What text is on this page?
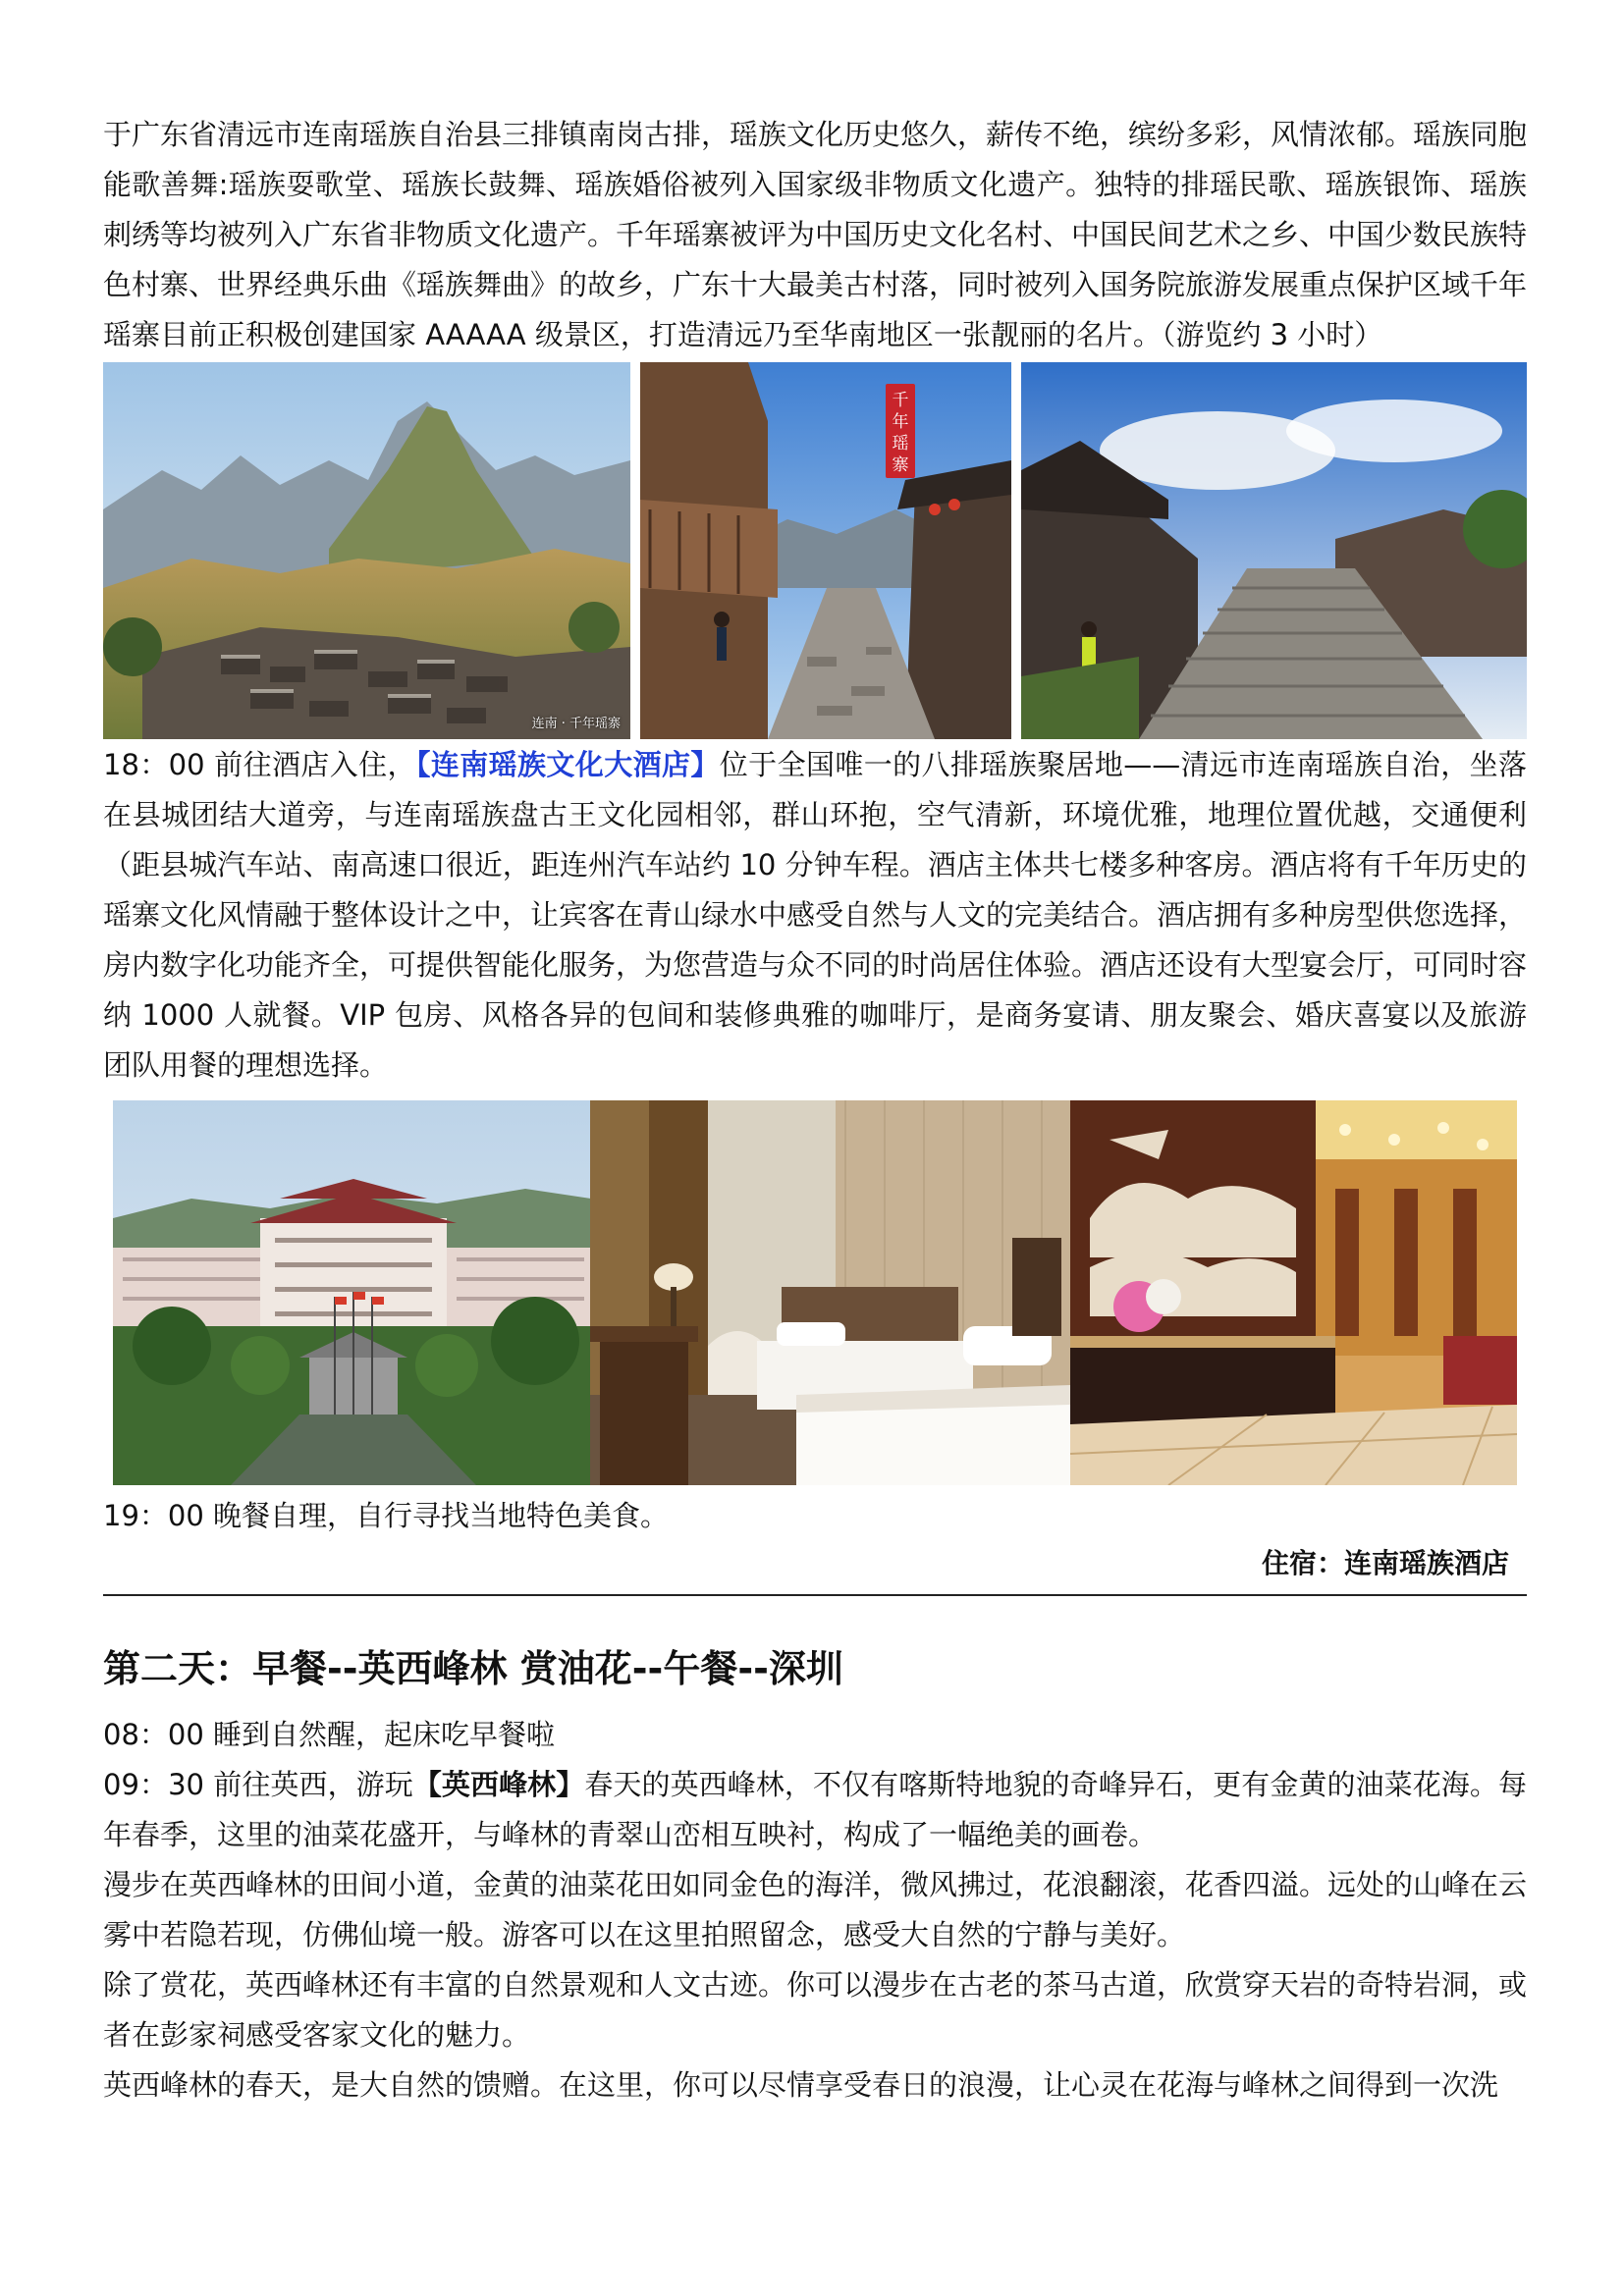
于广东省清远市连南瑶族自治县三排镇南岗古排，瑶族文化历史悠久，薪传不绝，缤纷多彩，风情浓郁。瑶族同胞能歌善舞:瑶族耍歌堂、瑶族长鼓舞、瑶族婚俗被列入国家级非物质文化遗产。独特的排瑶民歌、瑶族银饰、瑶族刺绣等均被列入广东省非物质文化遗产。千年瑶寨被评为中国历史文化名村、中国民间艺术之乡、中国少数民族特色村寨、世界经典乐曲《瑶族舞曲》的故乡，广东十大最美古村落，同时被列入国务院旅游发展重点保护区域千年瑶寨目前正积极创建国家 AAAAA 级景区，打造清远乃至华南地区一张靓丽的名片。（游览约 3 小时）

连南 · 千年瑶寨
千年瑶寨

18：00 前往酒店入住，【连南瑶族文化大酒店】位于全国唯一的八排瑶族聚居地——清远市连南瑶族自治，坐落在县城团结大道旁，与连南瑶族盘古王文化园相邻，群山环抱，空气清新，环境优雅，地理位置优越，交通便利（距县城汽车站、南高速口很近，距连州汽车站约 10 分钟车程。酒店主体共七楼多种客房。酒店将有千年历史的瑶寨文化风情融于整体设计之中，让宾客在青山绿水中感受自然与人文的完美结合。酒店拥有多种房型供您选择，房内数字化功能齐全，可提供智能化服务，为您营造与众不同的时尚居住体验。酒店还设有大型宴会厅，可同时容纳 1000 人就餐。VIP 包房、风格各异的包间和装修典雅的咖啡厅，是商务宴请、朋友聚会、婚庆喜宴以及旅游团队用餐的理想选择。

19：00 晚餐自理，自行寻找当地特色美食。

住宿：连南瑶族酒店
第二天：早餐--英西峰林 赏油花--午餐--深圳

08：00 睡到自然醒，起床吃早餐啦

09：30 前往英西，游玩【英西峰林】春天的英西峰林，不仅有喀斯特地貌的奇峰异石，更有金黄的油菜花海。每年春季，这里的油菜花盛开，与峰林的青翠山峦相互映衬，构成了一幅绝美的画卷。

漫步在英西峰林的田间小道，金黄的油菜花田如同金色的海洋，微风拂过，花浪翻滚，花香四溢。远处的山峰在云雾中若隐若现，仿佛仙境一般。游客可以在这里拍照留念，感受大自然的宁静与美好。

除了赏花，英西峰林还有丰富的自然景观和人文古迹。你可以漫步在古老的茶马古道，欣赏穿天岩的奇特岩洞，或者在彭家祠感受客家文化的魅力。

英西峰林的春天，是大自然的馈赠。在这里，你可以尽情享受春日的浪漫，让心灵在花海与峰林之间得到一次洗
